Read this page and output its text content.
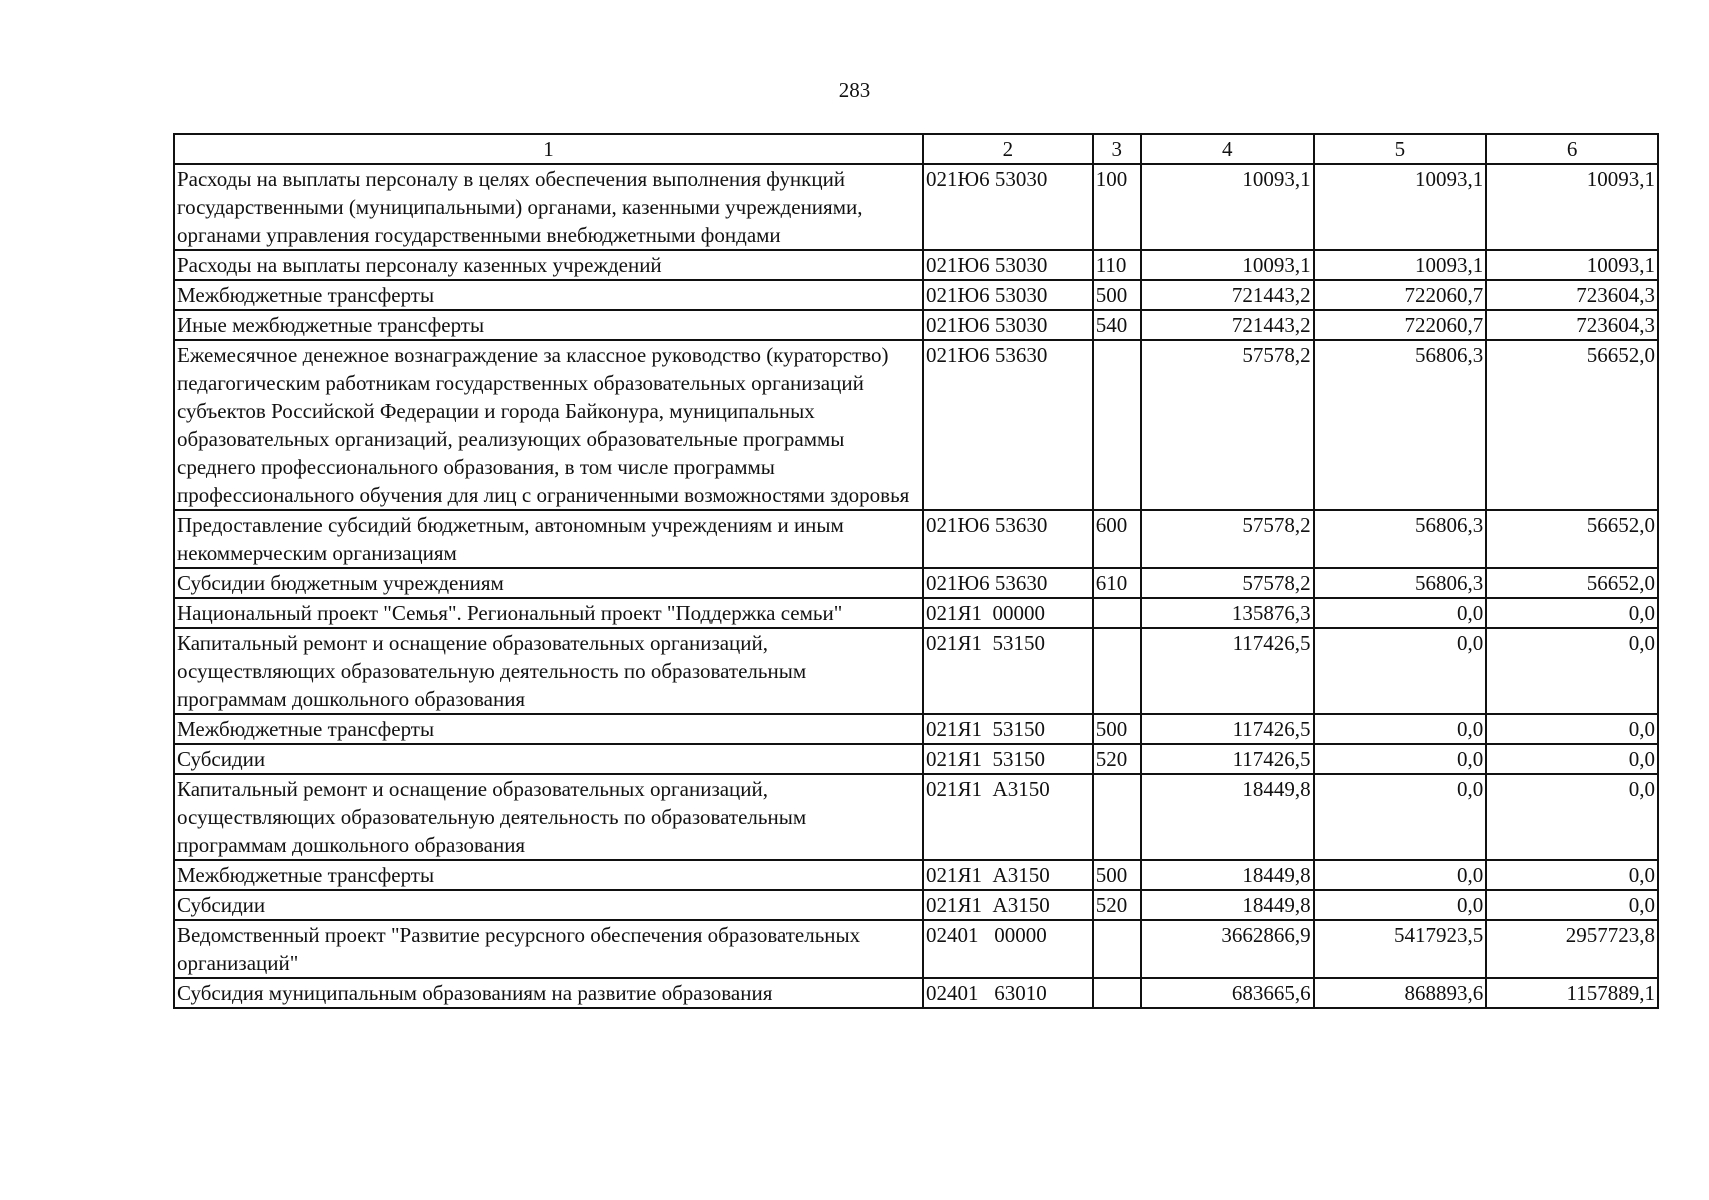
283
1	2	3	4	5	6
Расходы на выплаты персоналу в целях обеспечения выполнения функций государственными (муниципальными) органами, казенными учреждениями, органами управления государственными внебюджетными фондами	021Ю6 53030	100	10093,1	10093,1	10093,1
Расходы на выплаты персоналу казенных учреждений	021Ю6 53030	110	10093,1	10093,1	10093,1
Межбюджетные трансферты	021Ю6 53030	500	721443,2	722060,7	723604,3
Иные межбюджетные трансферты	021Ю6 53030	540	721443,2	722060,7	723604,3
Ежемесячное денежное вознаграждение за классное руководство (кураторство) педагогическим работникам государственных образовательных организаций субъектов Российской Федерации и города Байконура, муниципальных образовательных организаций, реализующих образовательные программы среднего профессионального образования, в том числе программы профессионального обучения для лиц с ограниченными возможностями здоровья	021Ю6 53630		57578,2	56806,3	56652,0
Предоставление субсидий бюджетным, автономным учреждениям и иным некоммерческим организациям	021Ю6 53630	600	57578,2	56806,3	56652,0
Субсидии бюджетным учреждениям	021Ю6 53630	610	57578,2	56806,3	56652,0
Национальный проект "Семья". Региональный проект "Поддержка семьи"	021Я1  00000		135876,3	0,0	0,0
Капитальный ремонт и оснащение образовательных организаций, осуществляющих образовательную деятельность по образовательным программам дошкольного образования	021Я1  53150		117426,5	0,0	0,0
Межбюджетные трансферты	021Я1  53150	500	117426,5	0,0	0,0
Субсидии	021Я1  53150	520	117426,5	0,0	0,0
Капитальный ремонт и оснащение образовательных организаций, осуществляющих образовательную деятельность по образовательным программам дошкольного образования	021Я1  А3150		18449,8	0,0	0,0
Межбюджетные трансферты	021Я1  А3150	500	18449,8	0,0	0,0
Субсидии	021Я1  А3150	520	18449,8	0,0	0,0
Ведомственный проект "Развитие ресурсного обеспечения образовательных организаций"	02401   00000		3662866,9	5417923,5	2957723,8
Субсидия муниципальным образованиям на развитие образования	02401   63010		683665,6	868893,6	1157889,1
